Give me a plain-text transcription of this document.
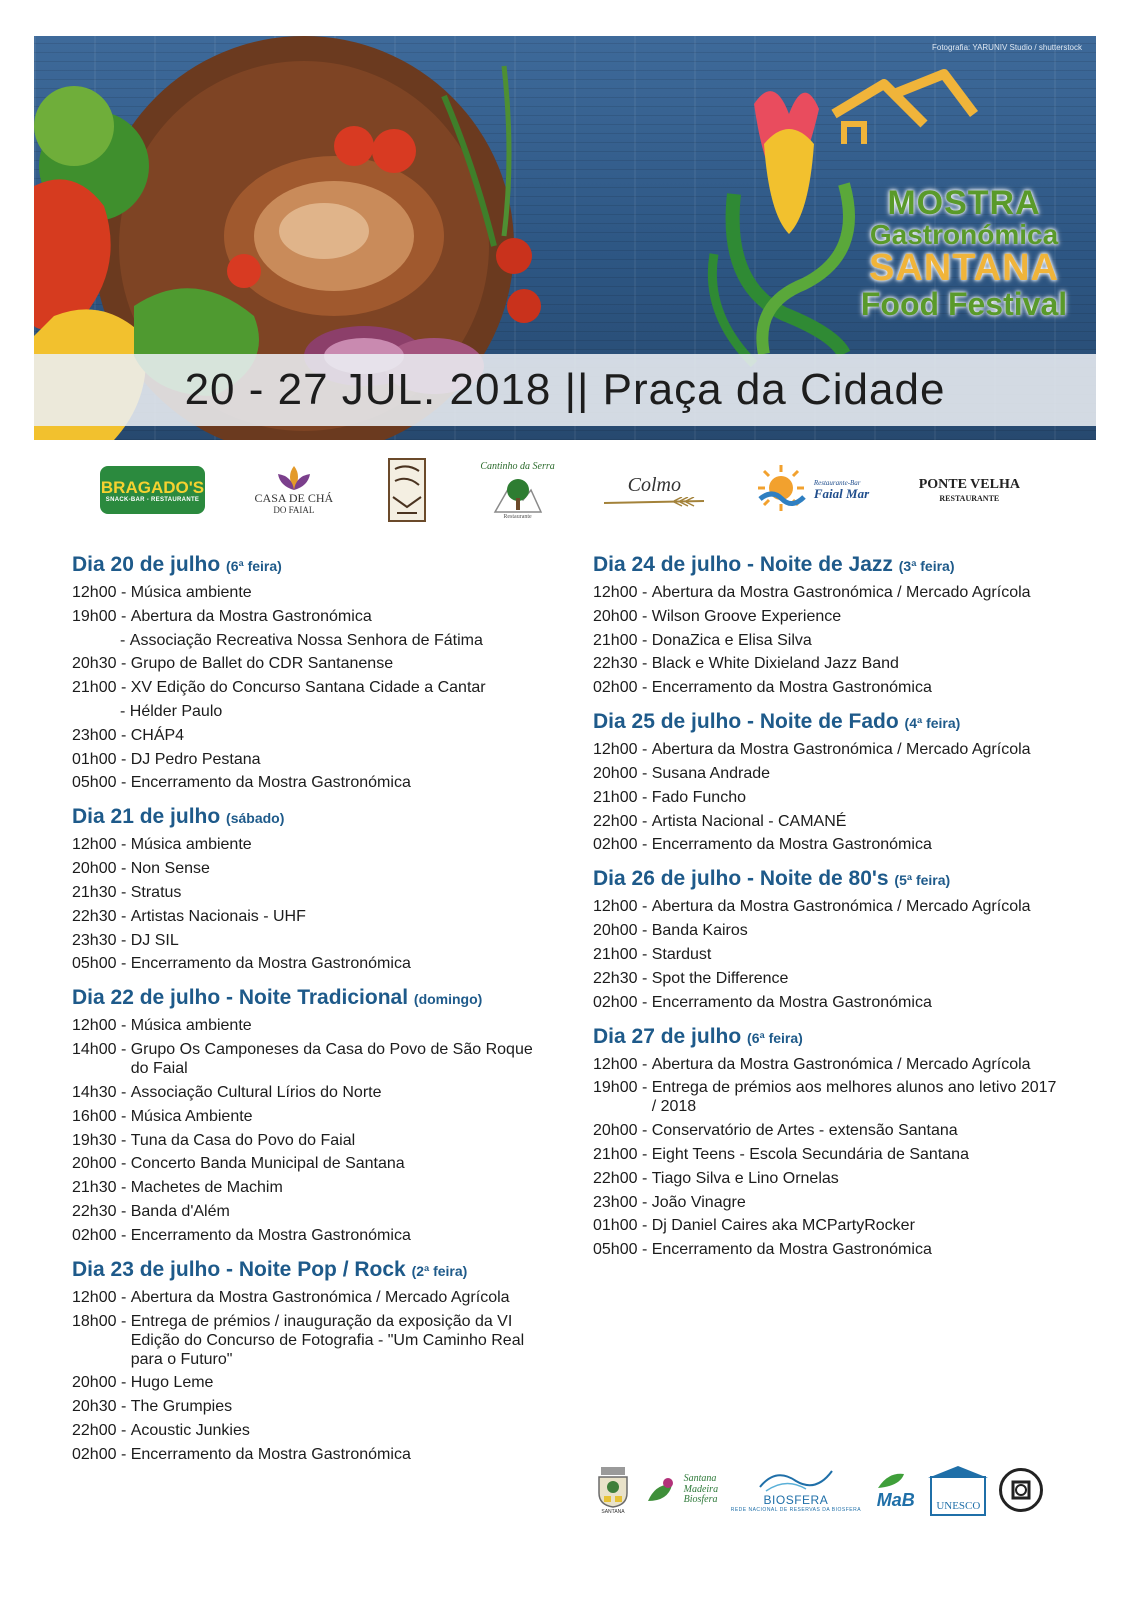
Fotografia: YARUNIV Studio / shutterstock
MOSTRA
Gastronómica
SANTANA
Food Festival
20 - 27 JUL. 2018 || Praça da Cidade
BRAGADO'S
SNACK-BAR - RESTAURANTE	CASA DE CHÁ
DO FAIAL
Cantinho da Serra
Restaurante
Colmo	Restaurante-Bar
Faial Mar
PONTE VELHA
RESTAURANTE
Dia 20 de julho (6ª feira)
12h00 - Música ambiente
19h00 - Abertura da Mostra Gastronómica
- Associação Recreativa Nossa Senhora de Fátima
20h30 - Grupo de Ballet do CDR Santanense
21h00 - XV Edição do Concurso Santana Cidade a Cantar
- Hélder Paulo
23h00 - CHÁP4
01h00 - DJ Pedro Pestana
05h00 - Encerramento da Mostra Gastronómica
Dia 21 de julho (sábado)
12h00 - Música ambiente
20h00 - Non Sense
21h30 - Stratus
22h30 - Artistas Nacionais - UHF
23h30 - DJ SIL
05h00 - Encerramento da Mostra Gastronómica
Dia 22 de julho - Noite Tradicional (domingo)
12h00 - Música ambiente
14h00 - Grupo Os Camponeses da Casa do Povo de São Roque do Faial
14h30 - Associação Cultural Lírios do Norte
16h00 - Música Ambiente
19h30 - Tuna da Casa do Povo do Faial
20h00 - Concerto Banda Municipal de Santana
21h30 - Machetes de Machim
22h30 - Banda d'Além
02h00 - Encerramento da Mostra Gastronómica
Dia 23 de julho - Noite Pop / Rock (2ª feira)
12h00 - Abertura da Mostra Gastronómica / Mercado Agrícola
18h00 - Entrega de prémios / inauguração da exposição da VI Edição do Concurso de Fotografia - "Um Caminho Real para o Futuro"
20h00 - Hugo Leme
20h30 - The Grumpies
22h00 - Acoustic Junkies
02h00 - Encerramento da Mostra Gastronómica
Dia 24 de julho - Noite de Jazz (3ª feira)
12h00 - Abertura da Mostra Gastronómica / Mercado Agrícola
20h00 - Wilson Groove Experience
21h00 - DonaZica e Elisa Silva
22h30 - Black e White Dixieland Jazz Band
02h00 - Encerramento da Mostra Gastronómica
Dia 25 de julho - Noite de Fado (4ª feira)
12h00 - Abertura da Mostra Gastronómica / Mercado Agrícola
20h00 - Susana Andrade
21h00 - Fado Funcho
22h00 - Artista Nacional - CAMANÉ
02h00 - Encerramento da Mostra Gastronómica
Dia 26 de julho - Noite de 80's (5ª feira)
12h00 - Abertura da Mostra Gastronómica / Mercado Agrícola
20h00 - Banda Kairos
21h00 - Stardust
22h30 - Spot the Difference
02h00 - Encerramento da Mostra Gastronómica
Dia 27 de julho (6ª feira)
12h00 - Abertura da Mostra Gastronómica / Mercado Agrícola
19h00 - Entrega de prémios aos melhores alunos ano letivo 2017 / 2018
20h00 - Conservatório de Artes - extensão Santana
21h00 - Eight Teens - Escola Secundária de Santana
22h00 - Tiago Silva e Lino Ornelas
23h00 - João Vinagre
01h00 - Dj Daniel Caires aka MCPartyRocker
05h00 - Encerramento da Mostra Gastronómica
SANTANA
Santana
Madeira
Biosfera	BIOSFERA
REDE NACIONAL DE RESERVAS DA BIOSFERA
MaB UNESCO
